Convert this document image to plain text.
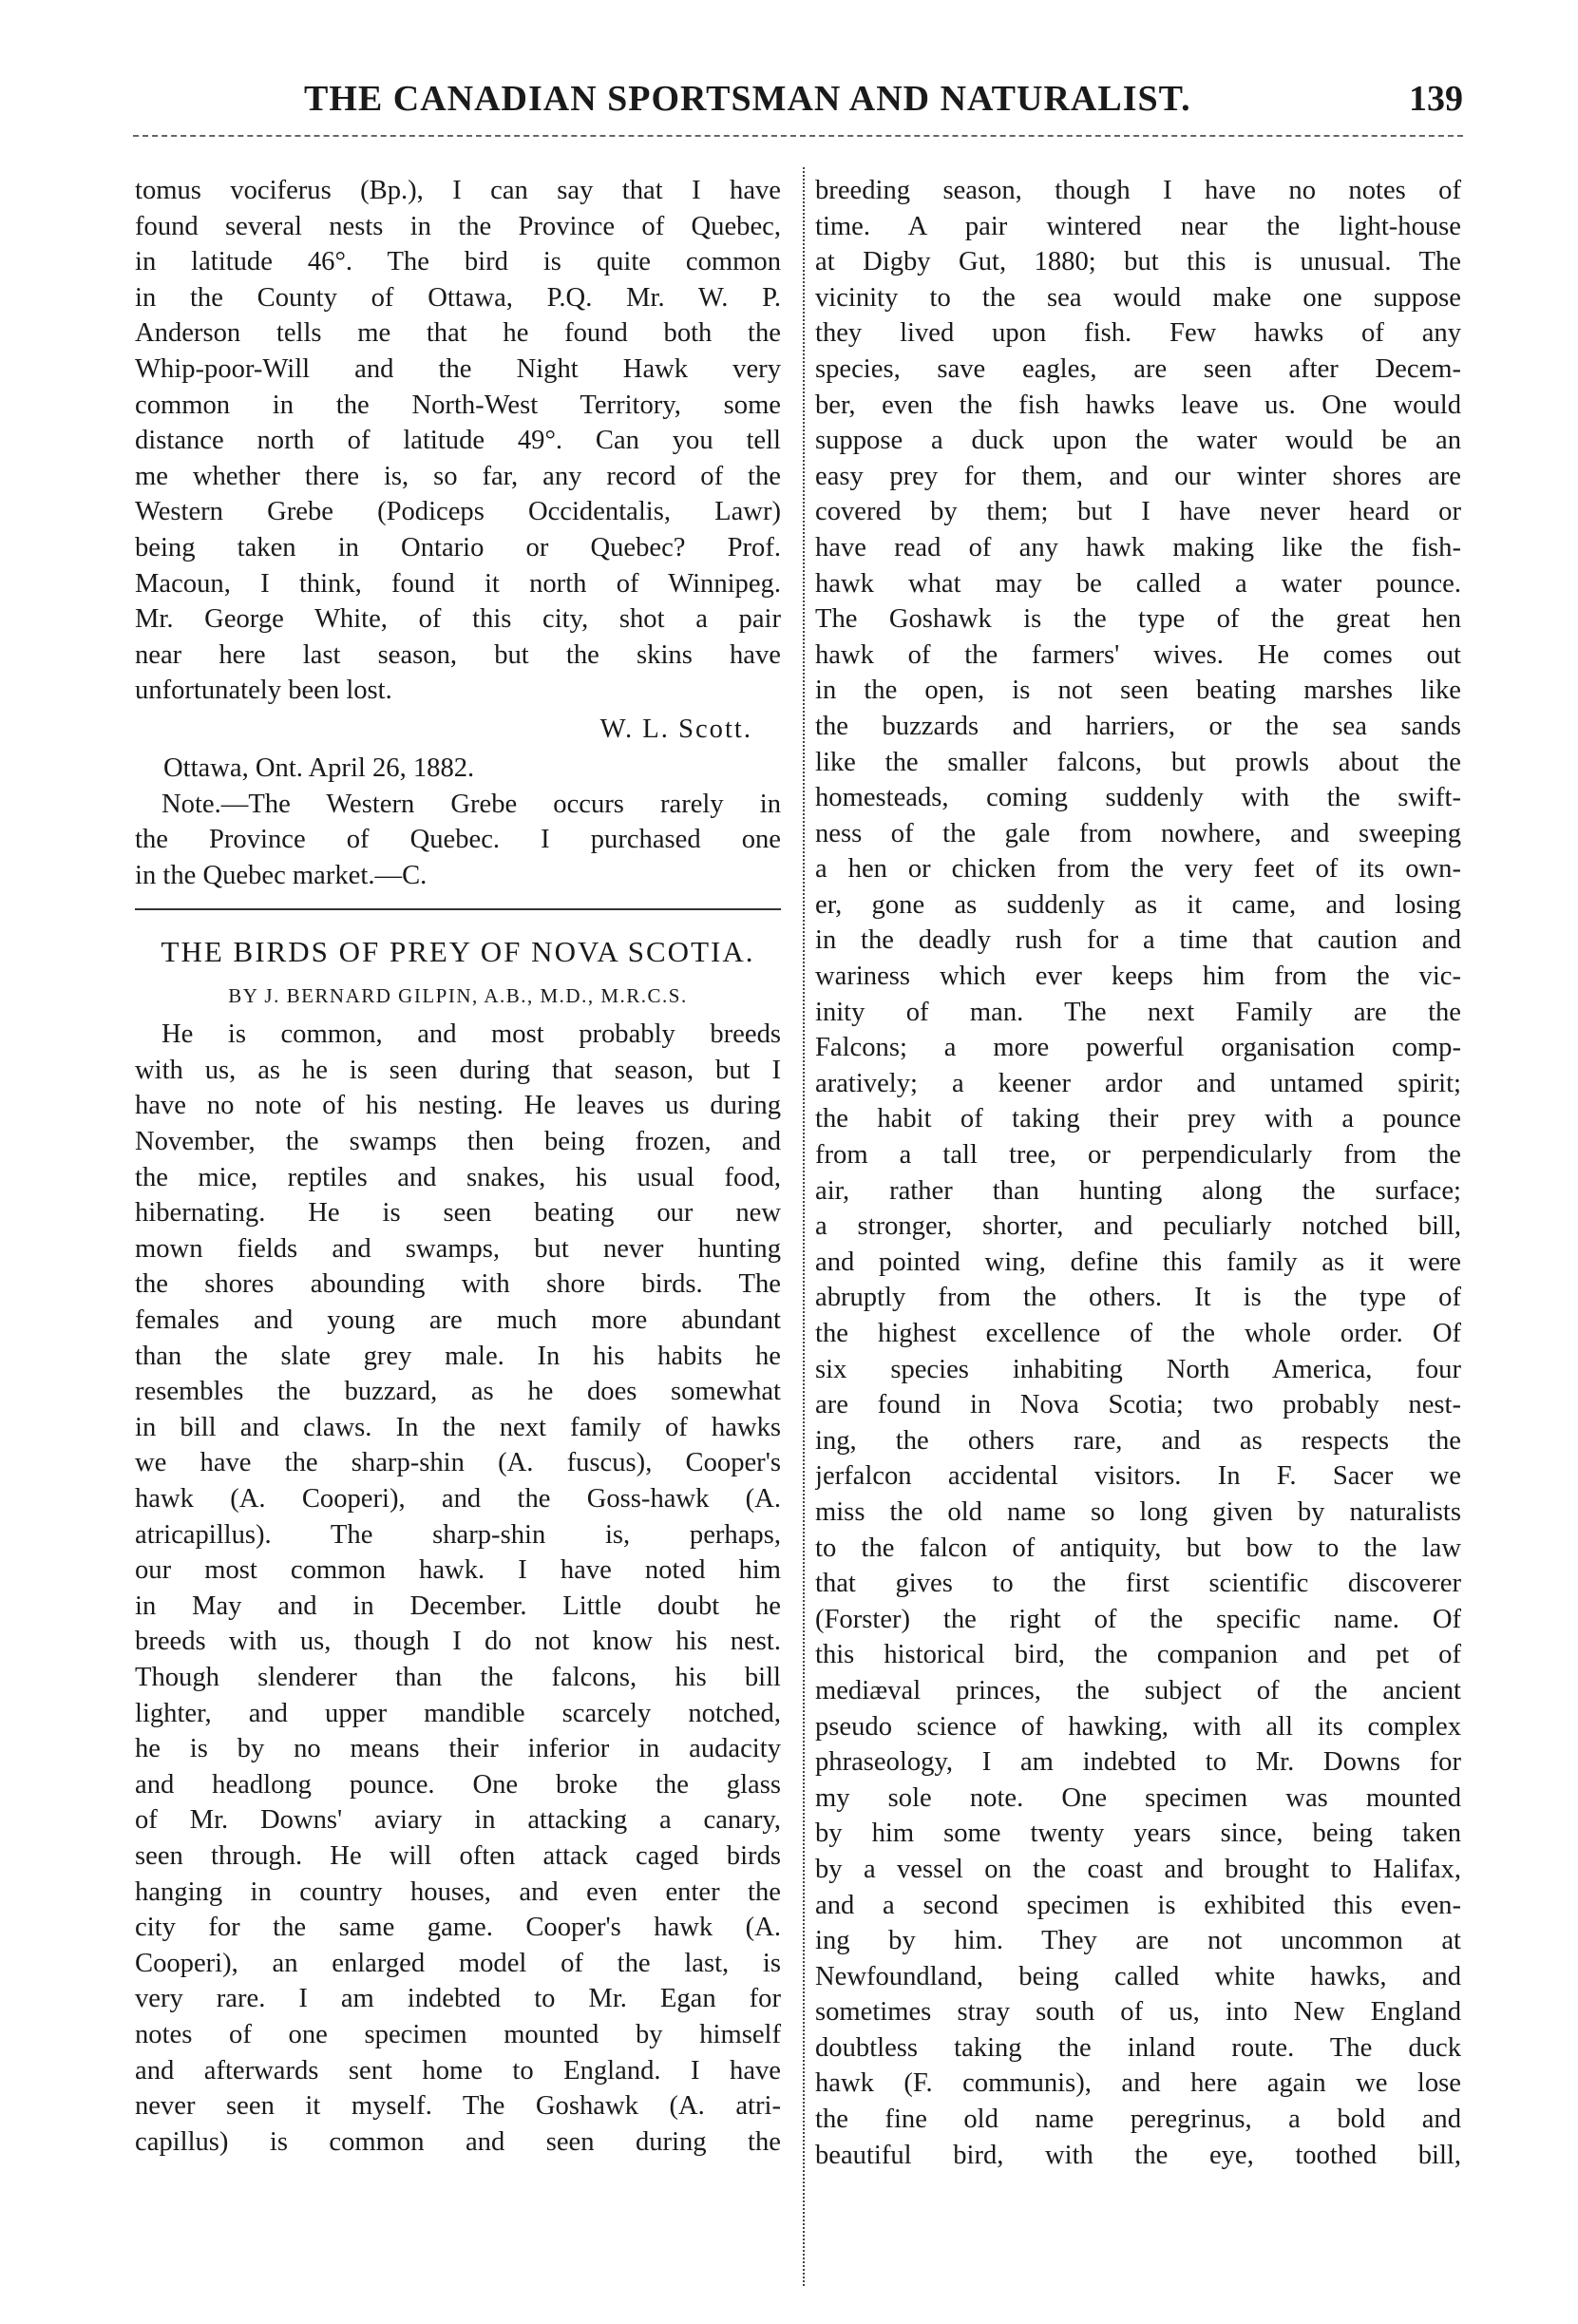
THE CANADIAN SPORTSMAN AND NATURALIST.	139
tomus vociferus (Bp.), I can say that I have
found several nests in the Province of Quebec,
in latitude 46°. The bird is quite common
in the County of Ottawa, P.Q. Mr. W. P.
Anderson tells me that he found both the
Whip-poor-Will and the Night Hawk very
common in the North-West Territory, some
distance north of latitude 49°. Can you tell
me whether there is, so far, any record of the
Western Grebe (Podiceps Occidentalis, Lawr)
being taken in Ontario or Quebec? Prof.
Macoun, I think, found it north of Winnipeg.
Mr. George White, of this city, shot a pair
near here last season, but the skins have
unfortunately been lost.
W. L. Scott.
Ottawa, Ont. April 26, 1882.
Note.—The Western Grebe occurs rarely in
the Province of Quebec. I purchased one
in the Quebec market.—C.
THE BIRDS OF PREY OF NOVA SCOTIA.
BY J. BERNARD GILPIN, A.B., M.D., M.R.C.S.
He is common, and most probably breeds
with us, as he is seen during that season, but I
have no note of his nesting. He leaves us during
November, the swamps then being frozen, and
the mice, reptiles and snakes, his usual food,
hibernating. He is seen beating our new
mown fields and swamps, but never hunting
the shores abounding with shore birds. The
females and young are much more abundant
than the slate grey male. In his habits he
resembles the buzzard, as he does somewhat
in bill and claws. In the next family of hawks
we have the sharp-shin (A. fuscus), Cooper's
hawk (A. Cooperi), and the Goss-hawk (A.
atricapillus). The sharp-shin is, perhaps,
our most common hawk. I have noted him
in May and in December. Little doubt he
breeds with us, though I do not know his nest.
Though slenderer than the falcons, his bill
lighter, and upper mandible scarcely notched,
he is by no means their inferior in audacity
and headlong pounce. One broke the glass
of Mr. Downs' aviary in attacking a canary,
seen through. He will often attack caged birds
hanging in country houses, and even enter the
city for the same game. Cooper's hawk (A.
Cooperi), an enlarged model of the last, is
very rare. I am indebted to Mr. Egan for
notes of one specimen mounted by himself
and afterwards sent home to England. I have
never seen it myself. The Goshawk (A. atri-
capillus) is common and seen during the
breeding season, though I have no notes of
time. A pair wintered near the light-house
at Digby Gut, 1880; but this is unusual. The
vicinity to the sea would make one suppose
they lived upon fish. Few hawks of any
species, save eagles, are seen after Decem-
ber, even the fish hawks leave us. One would
suppose a duck upon the water would be an
easy prey for them, and our winter shores are
covered by them; but I have never heard or
have read of any hawk making like the fish-
hawk what may be called a water pounce.
The Goshawk is the type of the great hen
hawk of the farmers' wives. He comes out
in the open, is not seen beating marshes like
the buzzards and harriers, or the sea sands
like the smaller falcons, but prowls about the
homesteads, coming suddenly with the swift-
ness of the gale from nowhere, and sweeping
a hen or chicken from the very feet of its own-
er, gone as suddenly as it came, and losing
in the deadly rush for a time that caution and
wariness which ever keeps him from the vic-
inity of man. The next Family are the
Falcons; a more powerful organisation comp-
aratively; a keener ardor and untamed spirit;
the habit of taking their prey with a pounce
from a tall tree, or perpendicularly from the
air, rather than hunting along the surface;
a stronger, shorter, and peculiarly notched bill,
and pointed wing, define this family as it were
abruptly from the others. It is the type of
the highest excellence of the whole order. Of
six species inhabiting North America, four
are found in Nova Scotia; two probably nest-
ing, the others rare, and as respects the
jerfalcon accidental visitors. In F. Sacer we
miss the old name so long given by naturalists
to the falcon of antiquity, but bow to the law
that gives to the first scientific discoverer
(Forster) the right of the specific name. Of
this historical bird, the companion and pet of
mediæval princes, the subject of the ancient
pseudo science of hawking, with all its complex
phraseology, I am indebted to Mr. Downs for
my sole note. One specimen was mounted
by him some twenty years since, being taken
by a vessel on the coast and brought to Halifax,
and a second specimen is exhibited this even-
ing by him. They are not uncommon at
Newfoundland, being called white hawks, and
sometimes stray south of us, into New England
doubtless taking the inland route. The duck
hawk (F. communis), and here again we lose
the fine old name peregrinus, a bold and
beautiful bird, with the eye, toothed bill,
